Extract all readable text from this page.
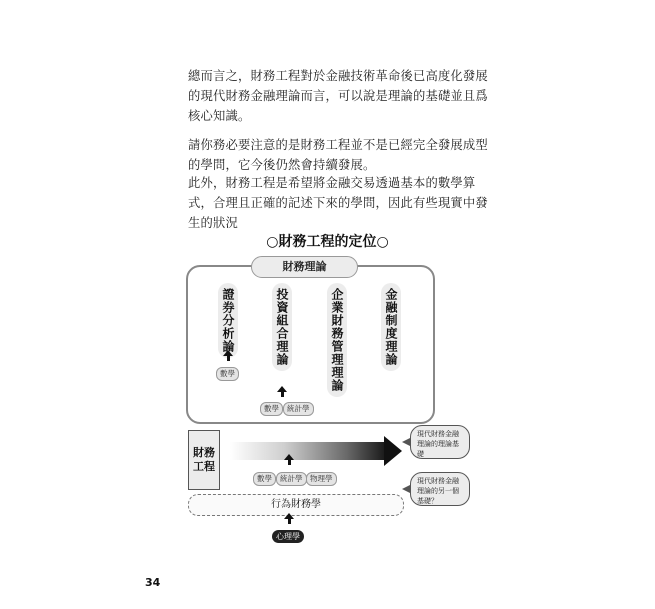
總而言之，財務工程對於金融技術革命後已高度化發展的現代財務金融理論而言，可以說是理論的基礎並且爲核心知識。
請你務必要注意的是財務工程並不是已經完全發展成型的學問，它今後仍然會持續發展。
此外，財務工程是希望將金融交易透過基本的數學算式，合理且正確的記述下來的學問，因此有些現實中發生的狀況
○財務工程的定位○
財務理論
證券分析論	投資組合理論	企業財務管理理論	金融制度理論
數學
數學	統計學
財務工程
現代財務金融理論的理論基礎
現代財務金融理論的另一個基礎？
數學	統計學	物理學
行為財務學
心理學
34
